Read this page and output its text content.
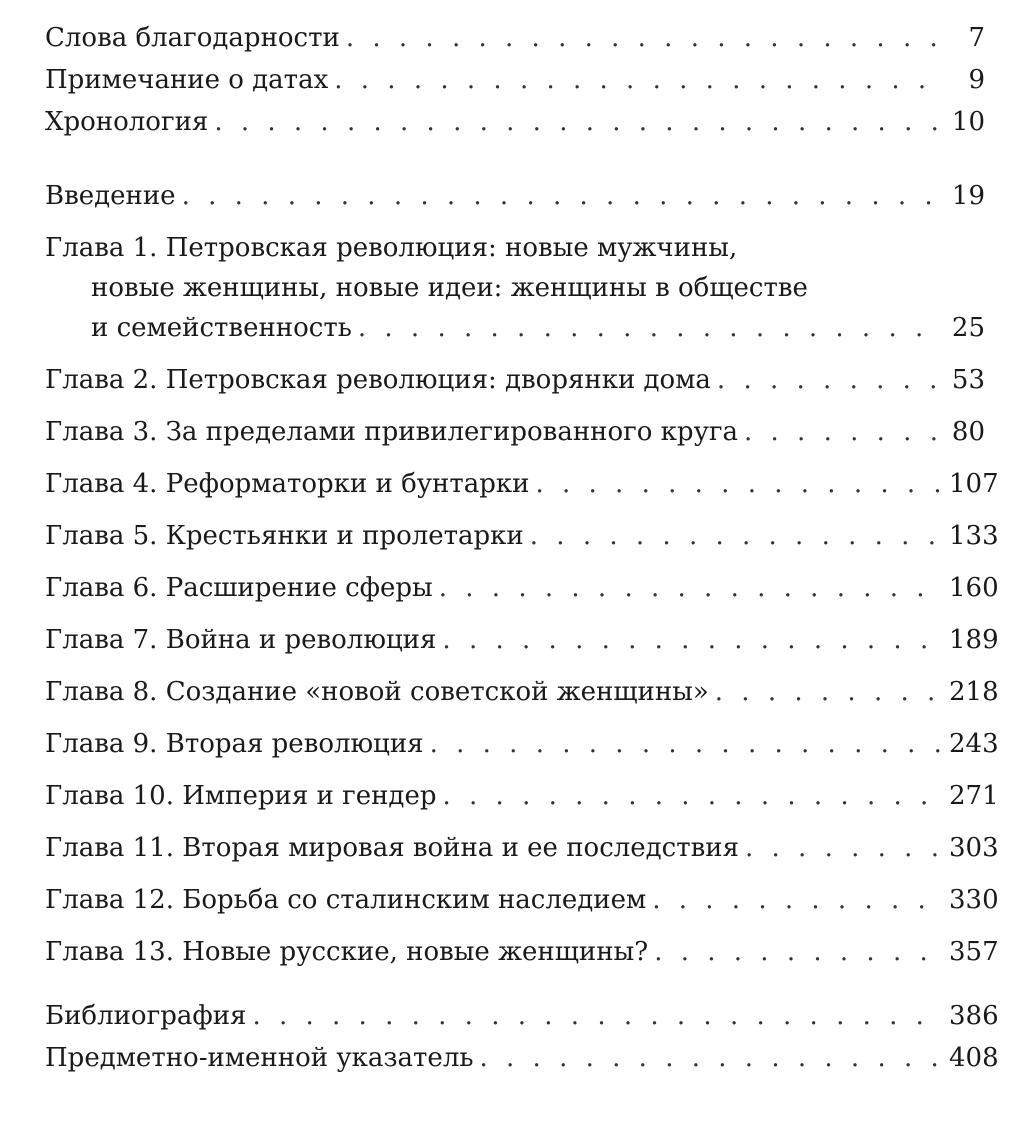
Слова благодарности . . .	7
Примечание о датах . . .	9
Хронология . . .	10
Введение . . .	19
Глава 1. Петровская революция: новые мужчины,
новые женщины, новые идеи: женщины в обществе
и семейственность . . .	25
Глава 2. Петровская революция: дворянки дома . . .	53
Глава 3. За пределами привилегированного круга . . .	80
Глава 4. Реформаторки и бунтарки . . .	107
Глава 5. Крестьянки и пролетарки . . .	133
Глава 6. Расширение сферы . . .	160
Глава 7. Война и революция . . .	189
Глава 8. Создание «новой советской женщины» . . .	218
Глава 9. Вторая революция . . .	243
Глава 10. Империя и гендер . . .	271
Глава 11. Вторая мировая война и ее последствия . . .	303
Глава 12. Борьба со сталинским наследием . . .	330
Глава 13. Новые русские, новые женщины? . . .	357
Библиография . . .	386
Предметно-именной указатель . . .	408
